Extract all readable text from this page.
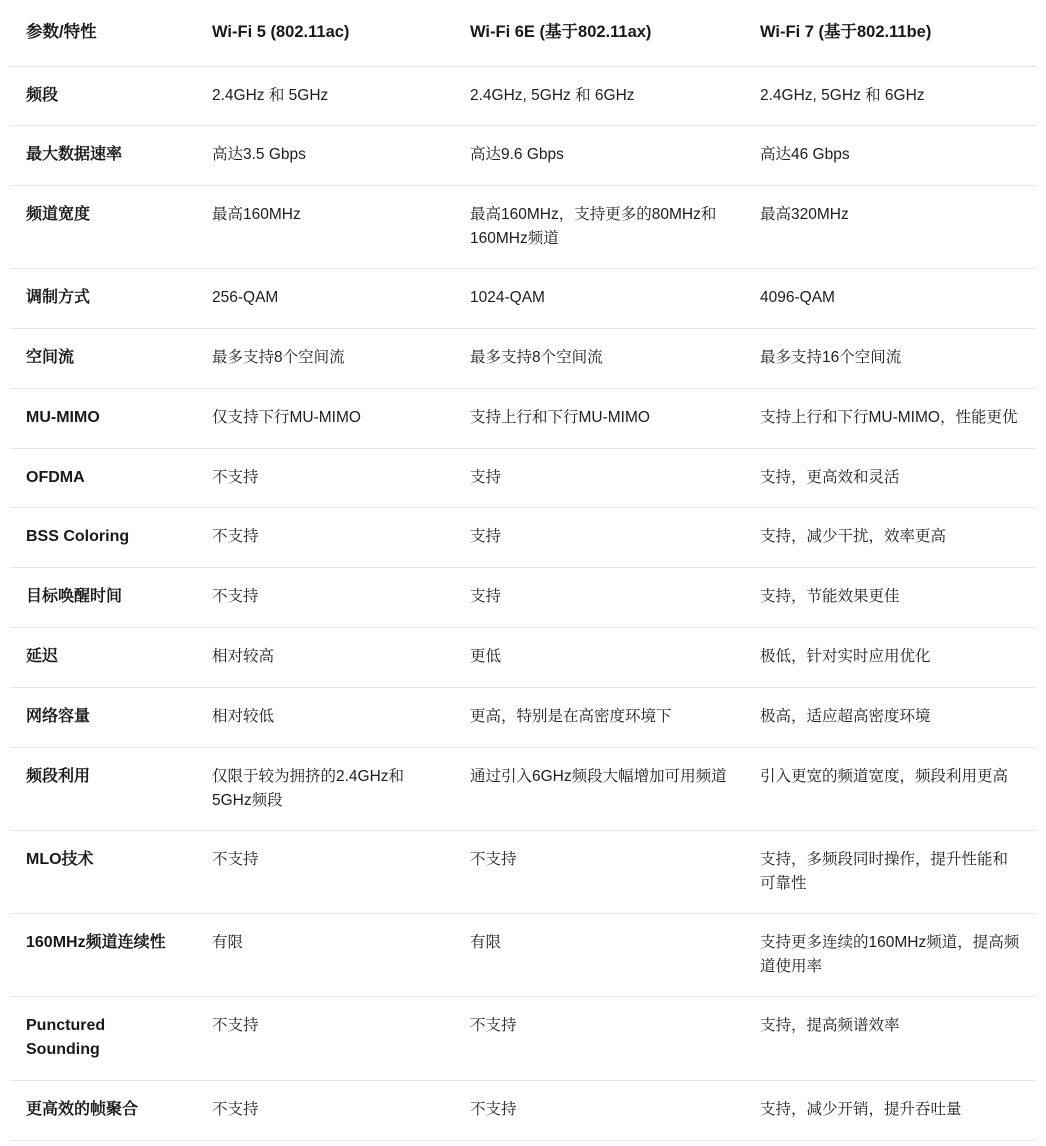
参数/特性	Wi-Fi 5 (802.11ac)	Wi-Fi 6E (基于802.11ax)	Wi-Fi 7 (基于802.11be)
频段	2.4GHz 和 5GHz	2.4GHz, 5GHz 和 6GHz	2.4GHz, 5GHz 和 6GHz
最大数据速率	高达3.5 Gbps	高达9.6 Gbps	高达46 Gbps
频道宽度	最高160MHz	最高160MHz，支持更多的80MHz和160MHz频道	最高320MHz
调制方式	256-QAM	1024-QAM	4096-QAM
空间流	最多支持8个空间流	最多支持8个空间流	最多支持16个空间流
MU-MIMO	仅支持下行MU-MIMO	支持上行和下行MU-MIMO	支持上行和下行MU-MIMO，性能更优
OFDMA	不支持	支持	支持，更高效和灵活
BSS Coloring	不支持	支持	支持，减少干扰，效率更高
目标唤醒时间	不支持	支持	支持，节能效果更佳
延迟	相对较高	更低	极低，针对实时应用优化
网络容量	相对较低	更高，特别是在高密度环境下	极高，适应超高密度环境
频段利用	仅限于较为拥挤的2.4GHz和5GHz频段	通过引入6GHz频段大幅增加可用频道	引入更宽的频道宽度，频段利用更高
MLO技术	不支持	不支持	支持，多频段同时操作，提升性能和可靠性
160MHz频道连续性	有限	有限	支持更多连续的160MHz频道，提高频道使用率
Punctured Sounding	不支持	不支持	支持，提高频谱效率
更高效的帧聚合	不支持	不支持	支持，减少开销，提升吞吐量
